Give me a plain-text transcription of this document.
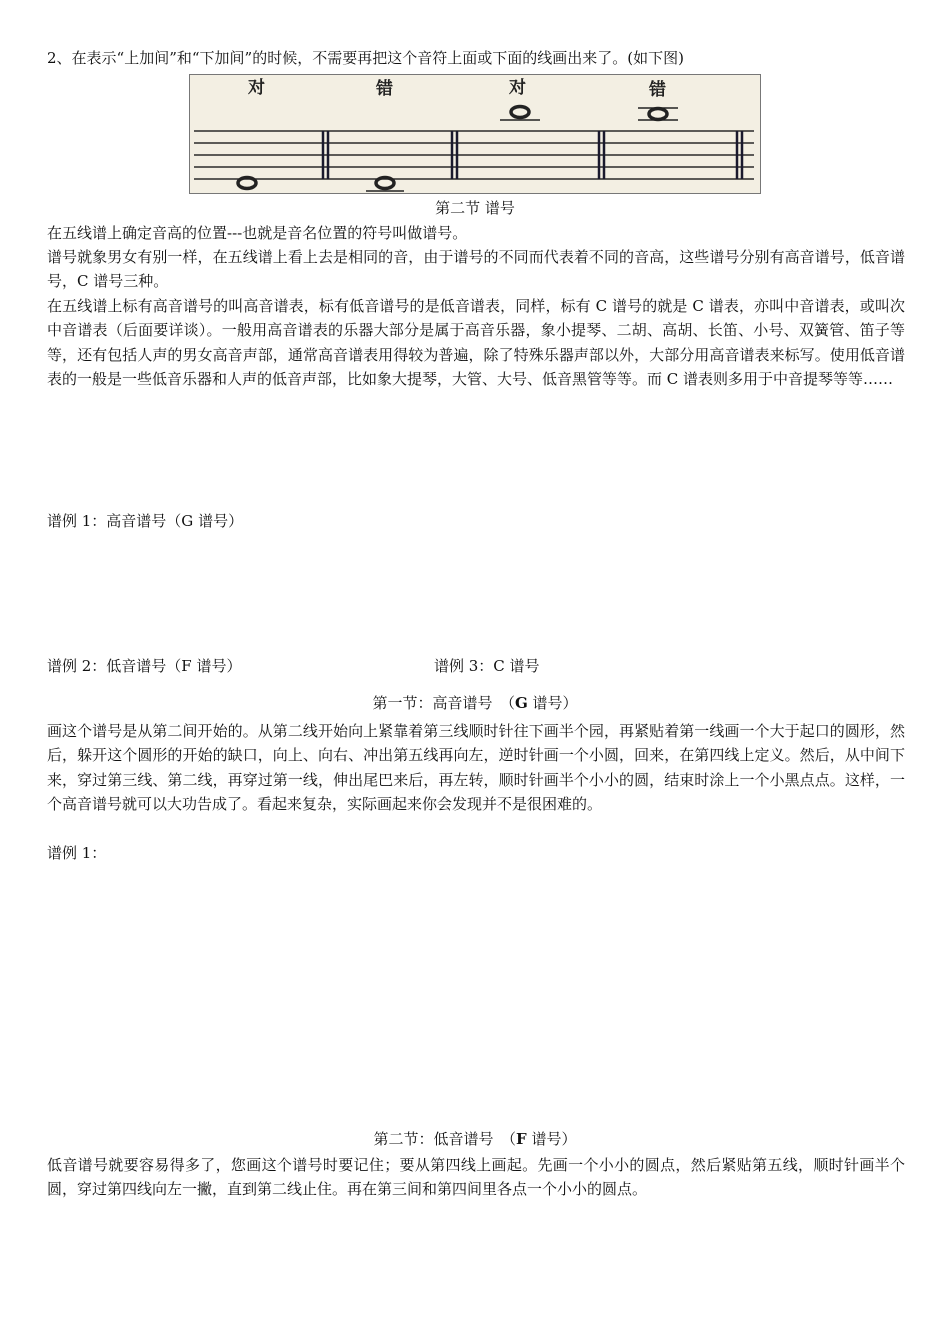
2、在表示“上加间”和“下加间”的时候，不需要再把这个音符上面或下面的线画出来了。(如下图)
对	错	对	错
第二节 谱号
在五线谱上确定音高的位置---也就是音名位置的符号叫做谱号。
谱号就象男女有别一样，在五线谱上看上去是相同的音，由于谱号的不同而代表着不同的音高，这些谱号分别有高音谱号，低音谱号，C 谱号三种。
在五线谱上标有高音谱号的叫高音谱表，标有低音谱号的是低音谱表，同样，标有 C 谱号的就是 C 谱表，亦叫中音谱表，或叫次中音谱表（后面要详谈）。一般用高音谱表的乐器大部分是属于高音乐器，象小提琴、二胡、高胡、长笛、小号、双簧管、笛子等等，还有包括人声的男女高音声部，通常高音谱表用得较为普遍，除了特殊乐器声部以外，大部分用高音谱表来标写。使用低音谱表的一般是一些低音乐器和人声的低音声部，比如象大提琴，大管、大号、低音黑管等等。而 C 谱表则多用于中音提琴等等……
谱例 1：高音谱号（G 谱号）
谱例 2：低音谱号（F 谱号）	谱例 3：C 谱号
第一节：高音谱号　（G 谱号）
画这个谱号是从第二间开始的。从第二线开始向上紧靠着第三线顺时针往下画半个园，再紧贴着第一线画一个大于起口的圆形，然后，躲开这个圆形的开始的缺口，向上、向右、冲出第五线再向左，逆时针画一个小圆，回来，在第四线上定义。然后，从中间下来，穿过第三线、第二线，再穿过第一线，伸出尾巴来后，再左转，顺时针画半个小小的圆，结束时涂上一个小黑点点。这样，一个高音谱号就可以大功告成了。看起来复杂，实际画起来你会发现并不是很困难的。
谱例 1：
第二节：低音谱号　（F 谱号）
低音谱号就要容易得多了，您画这个谱号时要记住；要从第四线上画起。先画一个小小的圆点，然后紧贴第五线，顺时针画半个圆，穿过第四线向左一撇，直到第二线止住。再在第三间和第四间里各点一个小小的圆点。
